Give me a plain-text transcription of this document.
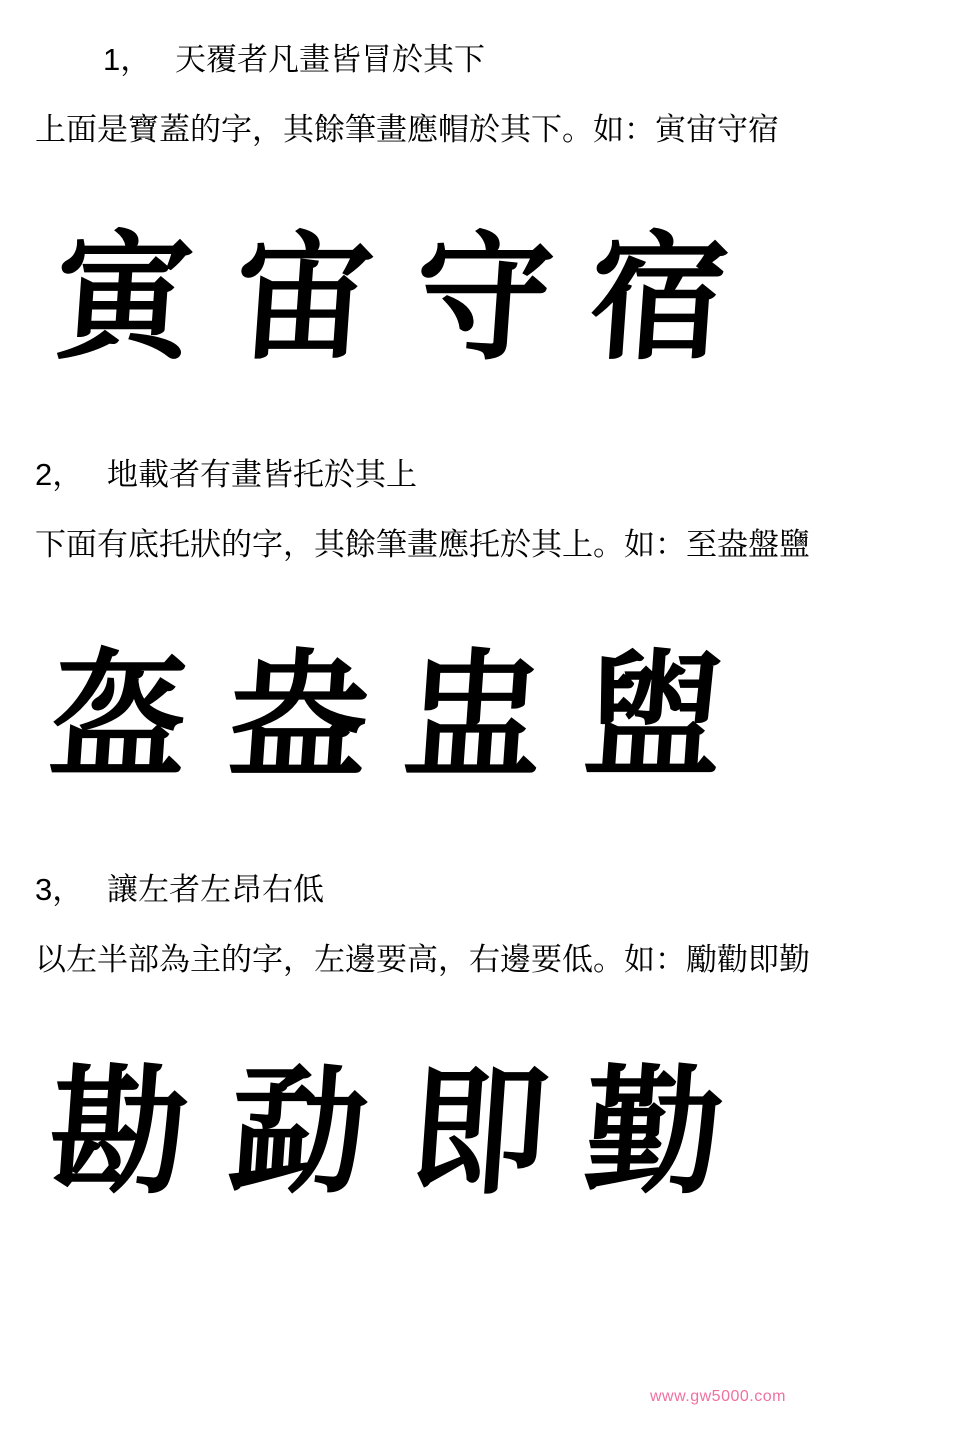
1， 天覆者凡畫皆冒於其下
上面是寶蓋的字，其餘筆畫應帽於其下。如：寅宙守宿
寅 宙 守 宿
2， 地載者有畫皆托於其上
下面有底托狀的字，其餘筆畫應托於其上。如：至盎盤鹽
盔 盎 盅 盥
3， 讓左者左昂右低
以左半部為主的字，左邊要高，右邊要低。如：勵勸即勤
勘 勐 即 勤
www.gw5000.com
